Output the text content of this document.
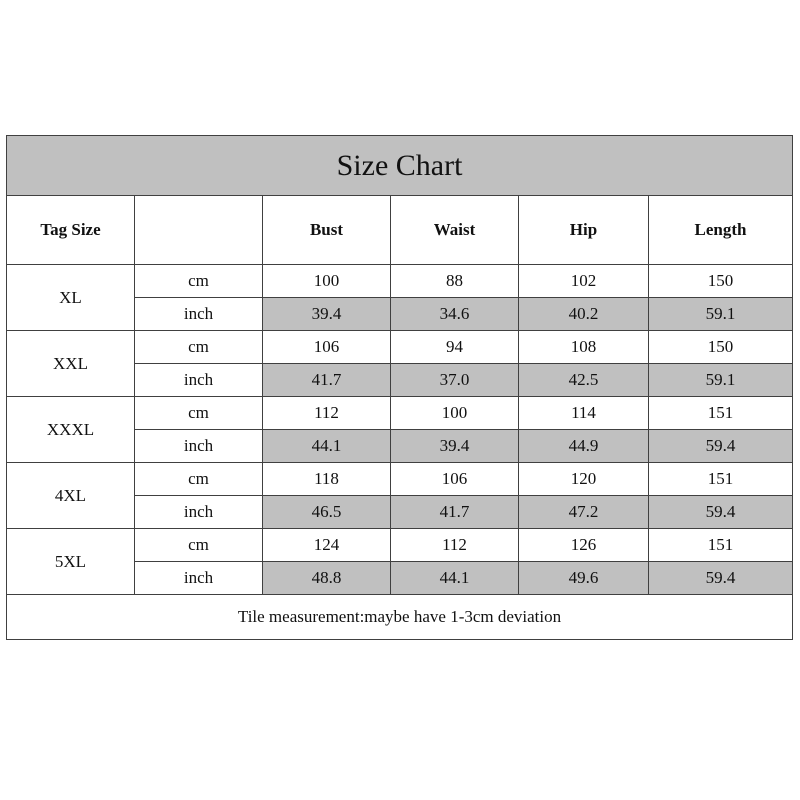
Size Chart					
Tag Size		Bust	Waist	Hip	Length
XL	cm	100	88	102	150
	inch	39.4	34.6	40.2	59.1
XXL	cm	106	94	108	150
	inch	41.7	37.0	42.5	59.1
XXXL	cm	112	100	114	151
	inch	44.1	39.4	44.9	59.4
4XL	cm	118	106	120	151
	inch	46.5	41.7	47.2	59.4
5XL	cm	124	112	126	151
	inch	48.8	44.1	49.6	59.4
Tile measurement:maybe have 1-3cm deviation					
